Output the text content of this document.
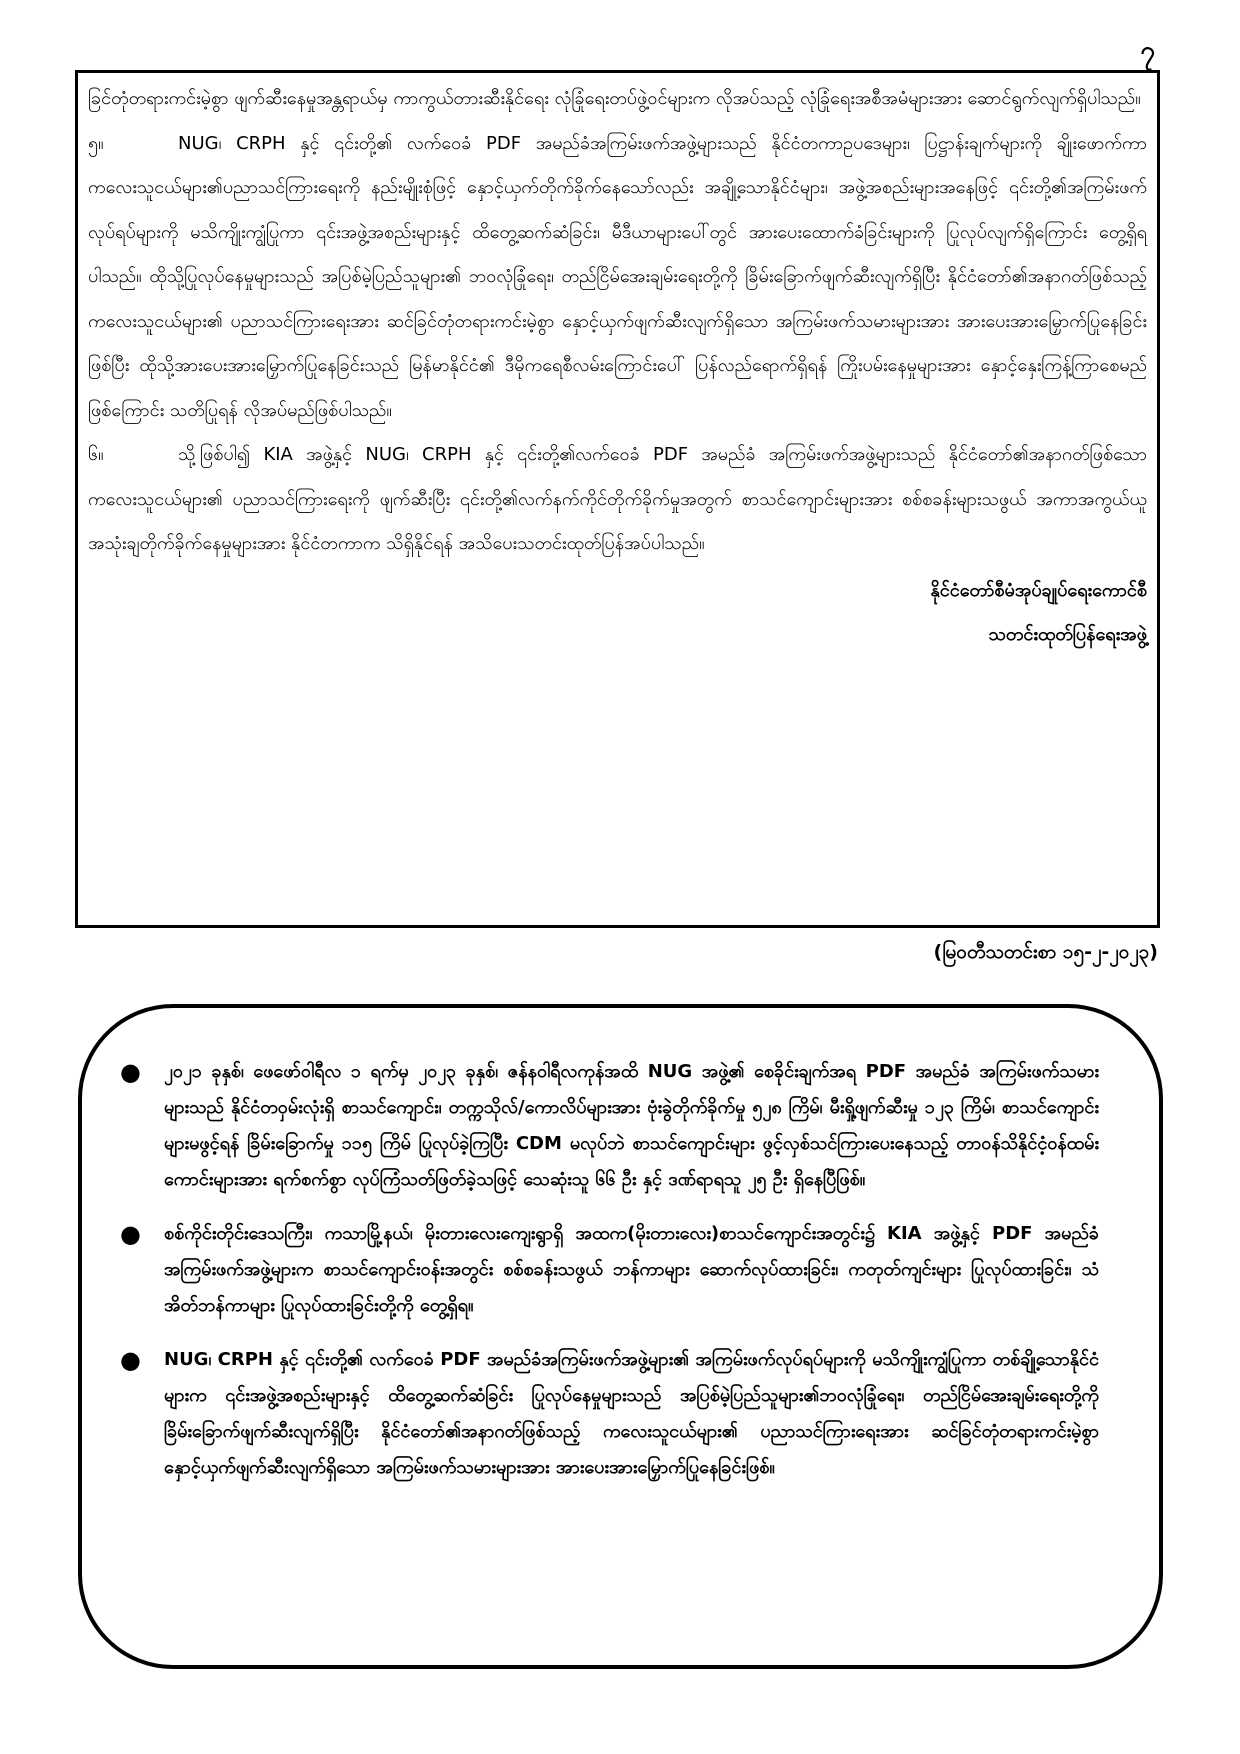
၇

ခြင်တုံတရားကင်းမဲ့စွာ ဖျက်ဆီးနေမှုအန္တရာယ်မှ ကာကွယ်တားဆီးနိုင်ရေး လုံခြုံရေးတပ်ဖွဲ့ဝင်များက လိုအပ်သည့် လုံခြုံရေးအစီအမံများအား ဆောင်ရွက်လျက်ရှိပါသည်။

၅။	NUG၊ CRPH နှင့် ၎င်းတို့၏ လက်ဝေခံ PDF အမည်ခံအကြမ်းဖက်အဖွဲ့များသည် နိုင်ငံတကာဥပဒေများ၊ ပြဋ္ဌာန်းချက်များကို ချိုးဖောက်ကာ ကလေးသူငယ်များ၏ပညာသင်ကြားရေးကို နည်းမျိုးစုံဖြင့် နှောင့်ယှက်တိုက်ခိုက်နေသော်လည်း အချို့သောနိုင်ငံများ၊ အဖွဲ့အစည်းများအနေဖြင့် ၎င်းတို့၏အကြမ်းဖက်လုပ်ရပ်များကို မသိကျိုးကျွံပြုကာ ၎င်းအဖွဲ့အစည်းများနှင့် ထိတွေ့ဆက်ဆံခြင်း၊ မီဒီယာများပေါ်တွင် အားပေးထောက်ခံခြင်းများကို ပြုလုပ်လျက်ရှိကြောင်း တွေ့ရှိရပါသည်။ ထိုသို့ပြုလုပ်နေမှုများသည် အပြစ်မဲ့ပြည်သူများ၏ ဘဝလုံခြုံရေး၊ တည်ငြိမ်အေးချမ်းရေးတို့ကို ခြိမ်းခြောက်ဖျက်ဆီးလျက်ရှိပြီး နိုင်ငံတော်၏အနာဂတ်ဖြစ်သည့် ကလေးသူငယ်များ၏ ပညာသင်ကြားရေးအား ဆင်ခြင်တုံတရားကင်းမဲ့စွာ နှောင့်ယှက်ဖျက်ဆီးလျက်ရှိသော အကြမ်းဖက်သမားများအား အားပေးအားမြှောက်ပြုနေခြင်းဖြစ်ပြီး ထိုသို့အားပေးအားမြှောက်ပြုနေခြင်းသည် မြန်မာနိုင်ငံ၏ ဒီမိုကရေစီလမ်းကြောင်းပေါ် ပြန်လည်ရောက်ရှိရန် ကြိုးပမ်းနေမှုများအား နှောင့်နှေးကြန့်ကြာစေမည်ဖြစ်ကြောင်း သတိပြုရန် လိုအပ်မည်ဖြစ်ပါသည်။

၆။	သို့ဖြစ်ပါ၍ KIA အဖွဲ့နှင့် NUG၊ CRPH နှင့် ၎င်းတို့၏လက်ဝေခံ PDF အမည်ခံ အကြမ်းဖက်အဖွဲ့များသည် နိုင်ငံတော်၏အနာဂတ်ဖြစ်သော ကလေးသူငယ်များ၏ ပညာသင်ကြားရေးကို ဖျက်ဆီးပြီး ၎င်းတို့၏လက်နက်ကိုင်တိုက်ခိုက်မှုအတွက် စာသင်ကျောင်းများအား စစ်စခန်းများသဖွယ် အကာအကွယ်ယူ အသုံးချတိုက်ခိုက်နေမှုများအား နိုင်ငံတကာက သိရှိနိုင်ရန် အသိပေးသတင်းထုတ်ပြန်အပ်ပါသည်။

နိုင်ငံတော်စီမံအုပ်ချုပ်ရေးကောင်စီ
သတင်းထုတ်ပြန်ရေးအဖွဲ့
(မြဝတီသတင်းစာ ၁၅-၂-၂၀၂၃)
● ၂၀၂၁ ခုနှစ်၊ ဖေဖော်ဝါရီလ ၁ ရက်မှ ၂၀၂၃ ခုနှစ်၊ ဇန်နဝါရီလကုန်အထိ NUG အဖွဲ့၏ စေခိုင်းချက်အရ PDF အမည်ခံ အကြမ်းဖက်သမားများသည် နိုင်ငံတဝှမ်းလုံးရှိ စာသင်ကျောင်း၊ တက္ကသိုလ်/ကောလိပ်များအား ဗုံးခွဲတိုက်ခိုက်မှု ၅၂၈ ကြိမ်၊ မီးရှို့ဖျက်ဆီးမှု ၁၂၃ ကြိမ်၊ စာသင်ကျောင်းများမဖွင့်ရန် ခြိမ်းခြောက်မှု ၁၁၅ ကြိမ် ပြုလုပ်ခဲ့ကြပြီး CDM မလုပ်ဘဲ စာသင်ကျောင်းများ ဖွင့်လှစ်သင်ကြားပေးနေသည့် တာဝန်သိနိုင်ငံ့ဝန်ထမ်းကောင်းများအား ရက်စက်စွာ လုပ်ကြံသတ်ဖြတ်ခဲ့သဖြင့် သေဆုံးသူ ၆၆ ဦး နှင့် ဒဏ်ရာရသူ ၂၅ ဦး ရှိနေပြီဖြစ်။
● စစ်ကိုင်းတိုင်းဒေသကြီး၊ ကသာမြို့နယ်၊ မိုးတားလေးကျေးရွာရှိ အထက(မိုးတားလေး)စာသင်ကျောင်းအတွင်း၌ KIA အဖွဲ့နှင့် PDF အမည်ခံအကြမ်းဖက်အဖွဲ့များက စာသင်ကျောင်းဝန်းအတွင်း စစ်စခန်းသဖွယ် ဘန်ကာများ ဆောက်လုပ်ထားခြင်း၊ ကတုတ်ကျင်းများ ပြုလုပ်ထားခြင်း၊ သံအိတ်ဘန်ကာများ ပြုလုပ်ထားခြင်းတို့ကို တွေ့ရှိရ။
● NUG၊ CRPH နှင့် ၎င်းတို့၏ လက်ဝေခံ PDF အမည်ခံအကြမ်းဖက်အဖွဲ့များ၏ အကြမ်းဖက်လုပ်ရပ်များကို မသိကျိုးကျွံပြုကာ တစ်ချို့သောနိုင်ငံများက ၎င်းအဖွဲ့အစည်းများနှင့် ထိတွေ့ဆက်ဆံခြင်း ပြုလုပ်နေမှုများသည် အပြစ်မဲ့ပြည်သူများ၏ဘဝလုံခြုံရေး၊ တည်ငြိမ်အေးချမ်းရေးတို့ကို ခြိမ်းခြောက်ဖျက်ဆီးလျက်ရှိပြီး နိုင်ငံတော်၏အနာဂတ်ဖြစ်သည့် ကလေးသူငယ်များ၏ ပညာသင်ကြားရေးအား ဆင်ခြင်တုံတရားကင်းမဲ့စွာ နှောင့်ယှက်ဖျက်ဆီးလျက်ရှိသော အကြမ်းဖက်သမားများအား အားပေးအားမြှောက်ပြုနေခြင်းဖြစ်။
